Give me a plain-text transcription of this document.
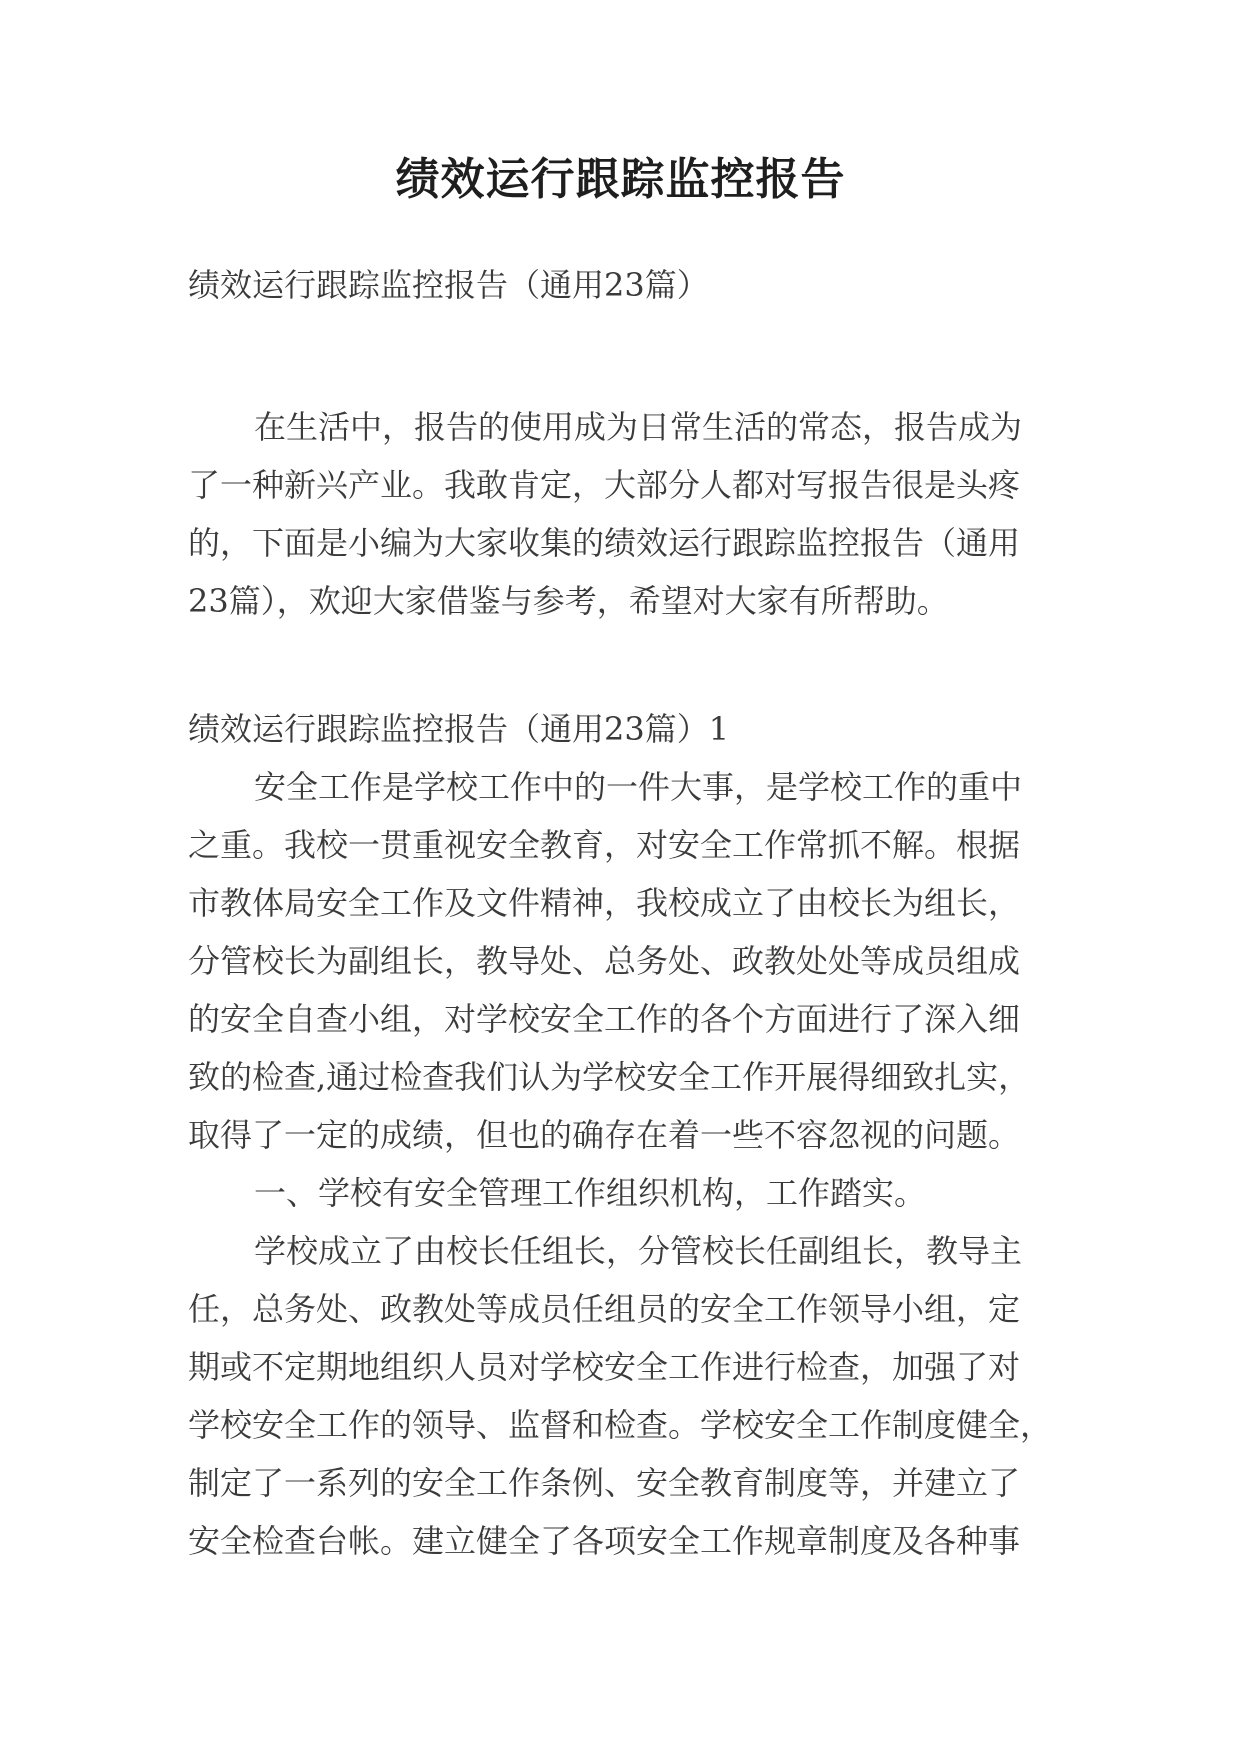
绩效运行跟踪监控报告

绩效运行跟踪监控报告（通用23篇）

在生活中，报告的使用成为日常生活的常态，报告成为
了一种新兴产业。我敢肯定，大部分人都对写报告很是头疼
的，下面是小编为大家收集的绩效运行跟踪监控报告（通用
23篇），欢迎大家借鉴与参考，希望对大家有所帮助。

绩效运行跟踪监控报告（通用23篇）1

安全工作是学校工作中的一件大事，是学校工作的重中
之重。我校一贯重视安全教育，对安全工作常抓不解。根据
市教体局安全工作及文件精神，我校成立了由校长为组长，
分管校长为副组长，教导处、总务处、政教处处等成员组成
的安全自查小组，对学校安全工作的各个方面进行了深入细
致的检查,通过检查我们认为学校安全工作开展得细致扎实，
取得了一定的成绩，但也的确存在着一些不容忽视的问题。
一、学校有安全管理工作组织机构，工作踏实。
学校成立了由校长任组长，分管校长任副组长，教导主
任，总务处、政教处等成员任组员的安全工作领导小组，定
期或不定期地组织人员对学校安全工作进行检查，加强了对
学校安全工作的领导、监督和检查。学校安全工作制度健全，
制定了一系列的安全工作条例、安全教育制度等，并建立了
安全检查台帐。建立健全了各项安全工作规章制度及各种事
